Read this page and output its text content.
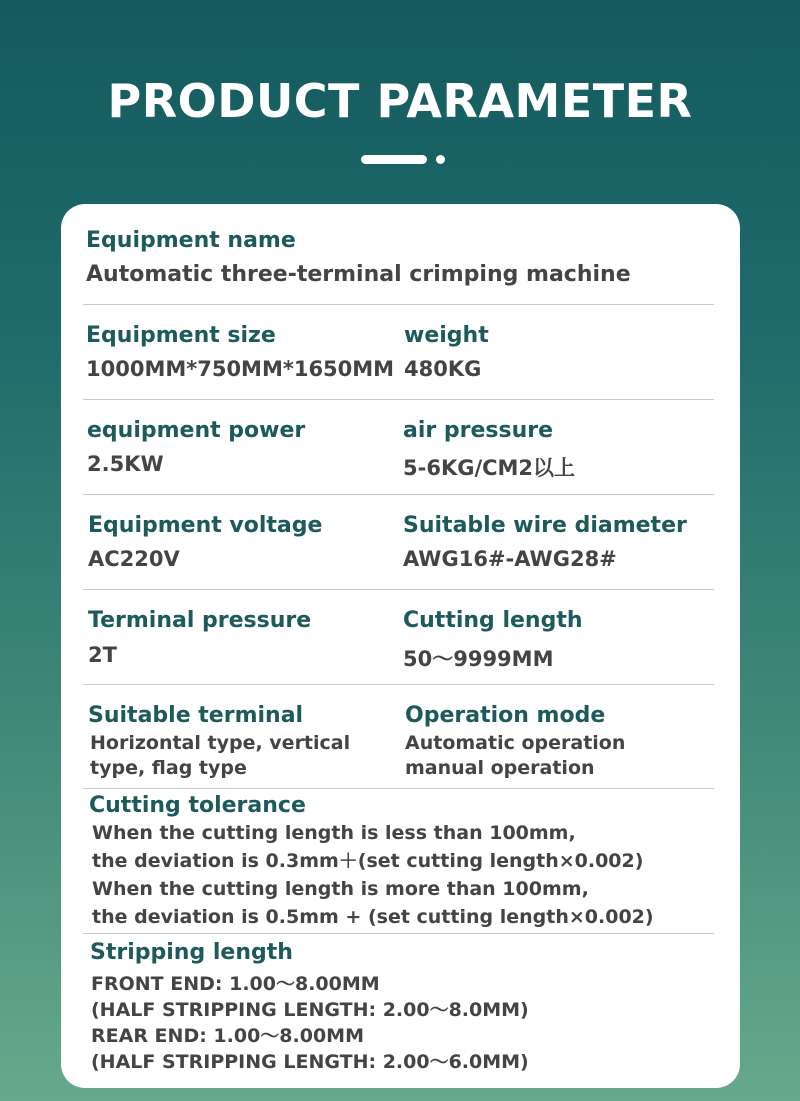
PRODUCT PARAMETER
Equipment name
Automatic three-terminal crimping machine
Equipment size
1000MM*750MM*1650MM
weight
480KG
equipment power
2.5KW
air pressure
5-6KG/CM2以上
Equipment voltage
AC220V
Suitable wire diameter
AWG16#-AWG28#
Terminal pressure
2T
Cutting length
50～9999MM
Suitable terminal
Horizontal type, vertical
type, flag type
Operation mode
Automatic operation
manual operation
Cutting tolerance
When the cutting length is less than 100mm,
the deviation is 0.3mm＋(set cutting length×0.002)
When the cutting length is more than 100mm,
the deviation is 0.5mm + (set cutting length×0.002)
Stripping length
FRONT END: 1.00～8.00MM
(HALF STRIPPING LENGTH: 2.00～8.0MM)
REAR END: 1.00～8.00MM
(HALF STRIPPING LENGTH: 2.00～6.0MM)
